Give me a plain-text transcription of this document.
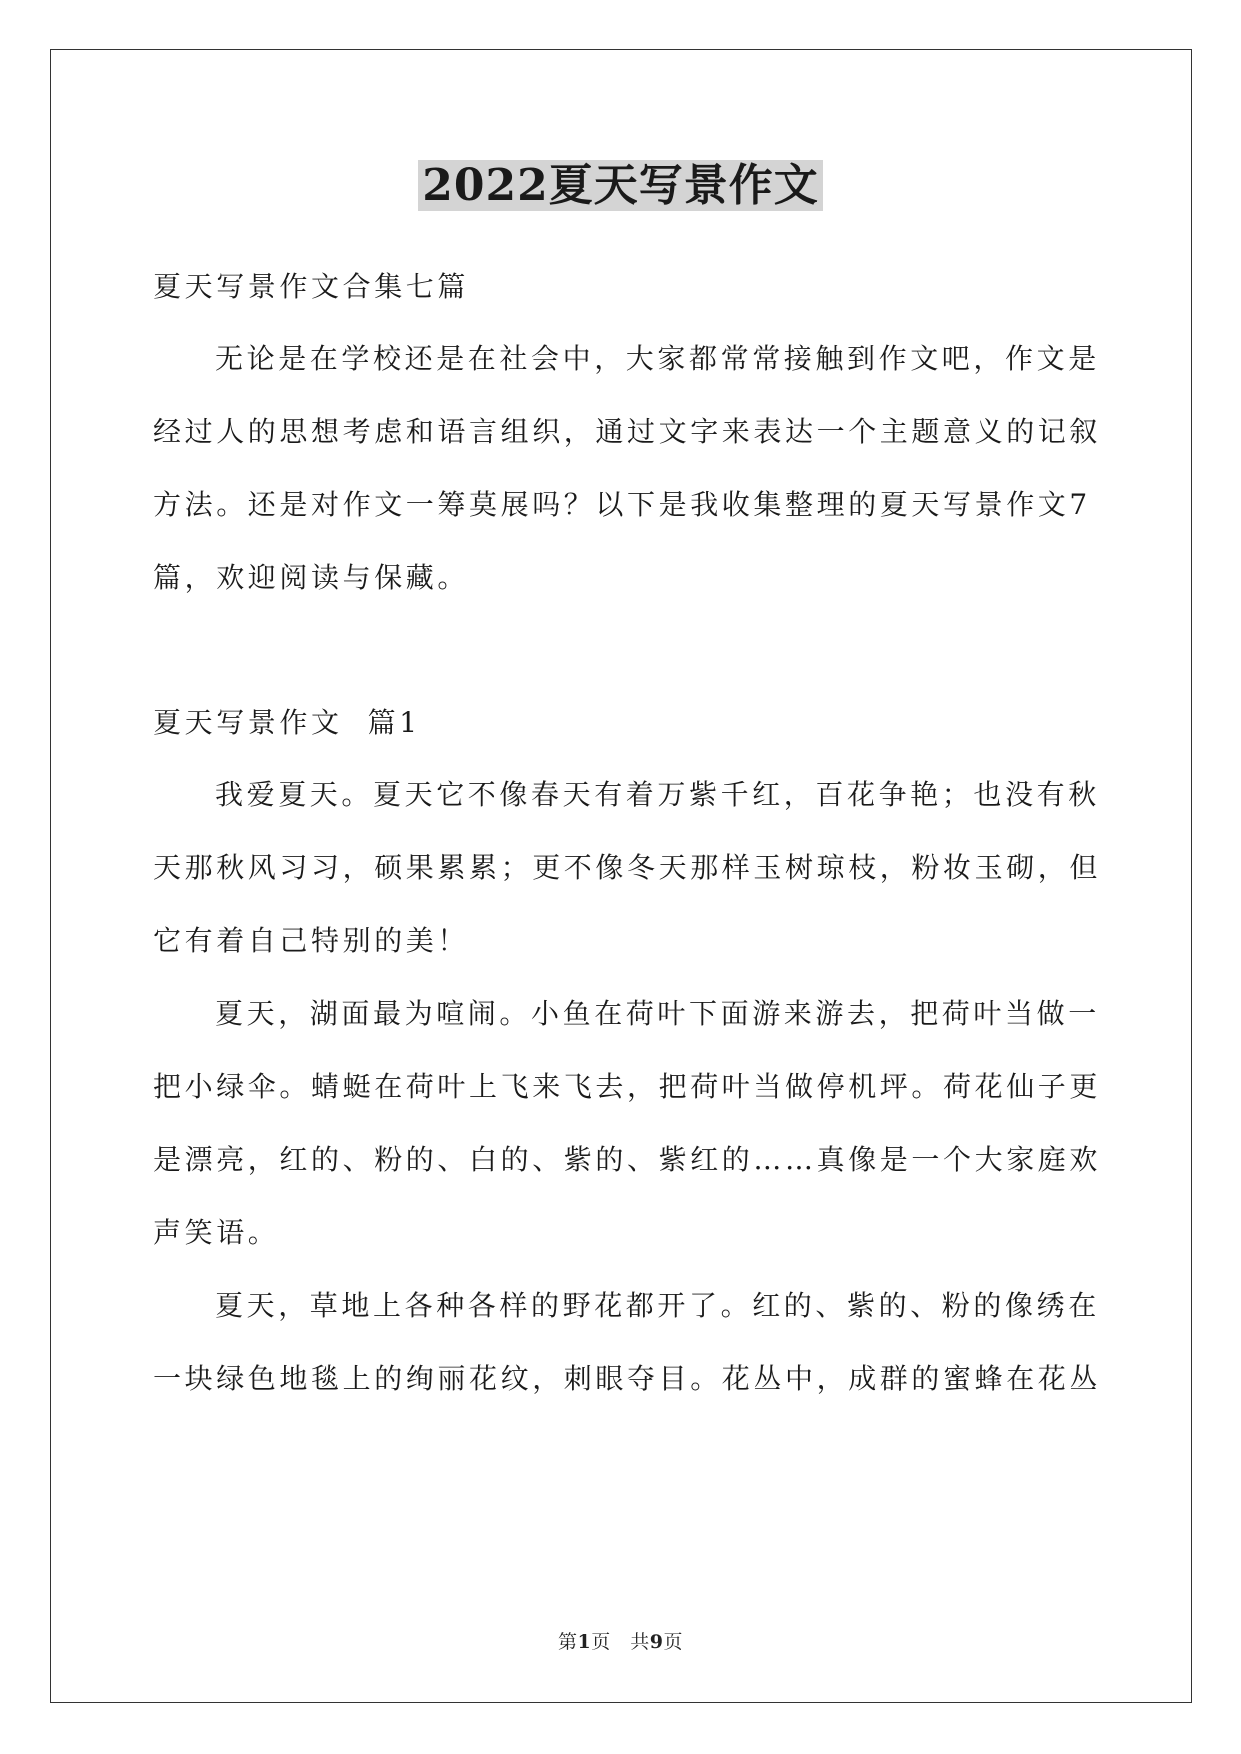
2022夏天写景作文
夏天写景作文合集七篇

无论是在学校还是在社会中，大家都常常接触到作文吧，作文是

经过人的思想考虑和语言组织，通过文字来表达一个主题意义的记叙

方法。还是对作文一筹莫展吗？以下是我收集整理的夏天写景作文7

篇，欢迎阅读与保藏。

夏天写景作文  篇1

我爱夏天。夏天它不像春天有着万紫千红，百花争艳；也没有秋

天那秋风习习，硕果累累；更不像冬天那样玉树琼枝，粉妆玉砌，但

它有着自己特别的美！

夏天，湖面最为喧闹。小鱼在荷叶下面游来游去，把荷叶当做一

把小绿伞。蜻蜓在荷叶上飞来飞去，把荷叶当做停机坪。荷花仙子更

是漂亮，红的、粉的、白的、紫的、紫红的……真像是一个大家庭欢

声笑语。

夏天，草地上各种各样的野花都开了。红的、紫的、粉的像绣在

一块绿色地毯上的绚丽花纹，刺眼夺目。花丛中，成群的蜜蜂在花丛

第1页　共9页
